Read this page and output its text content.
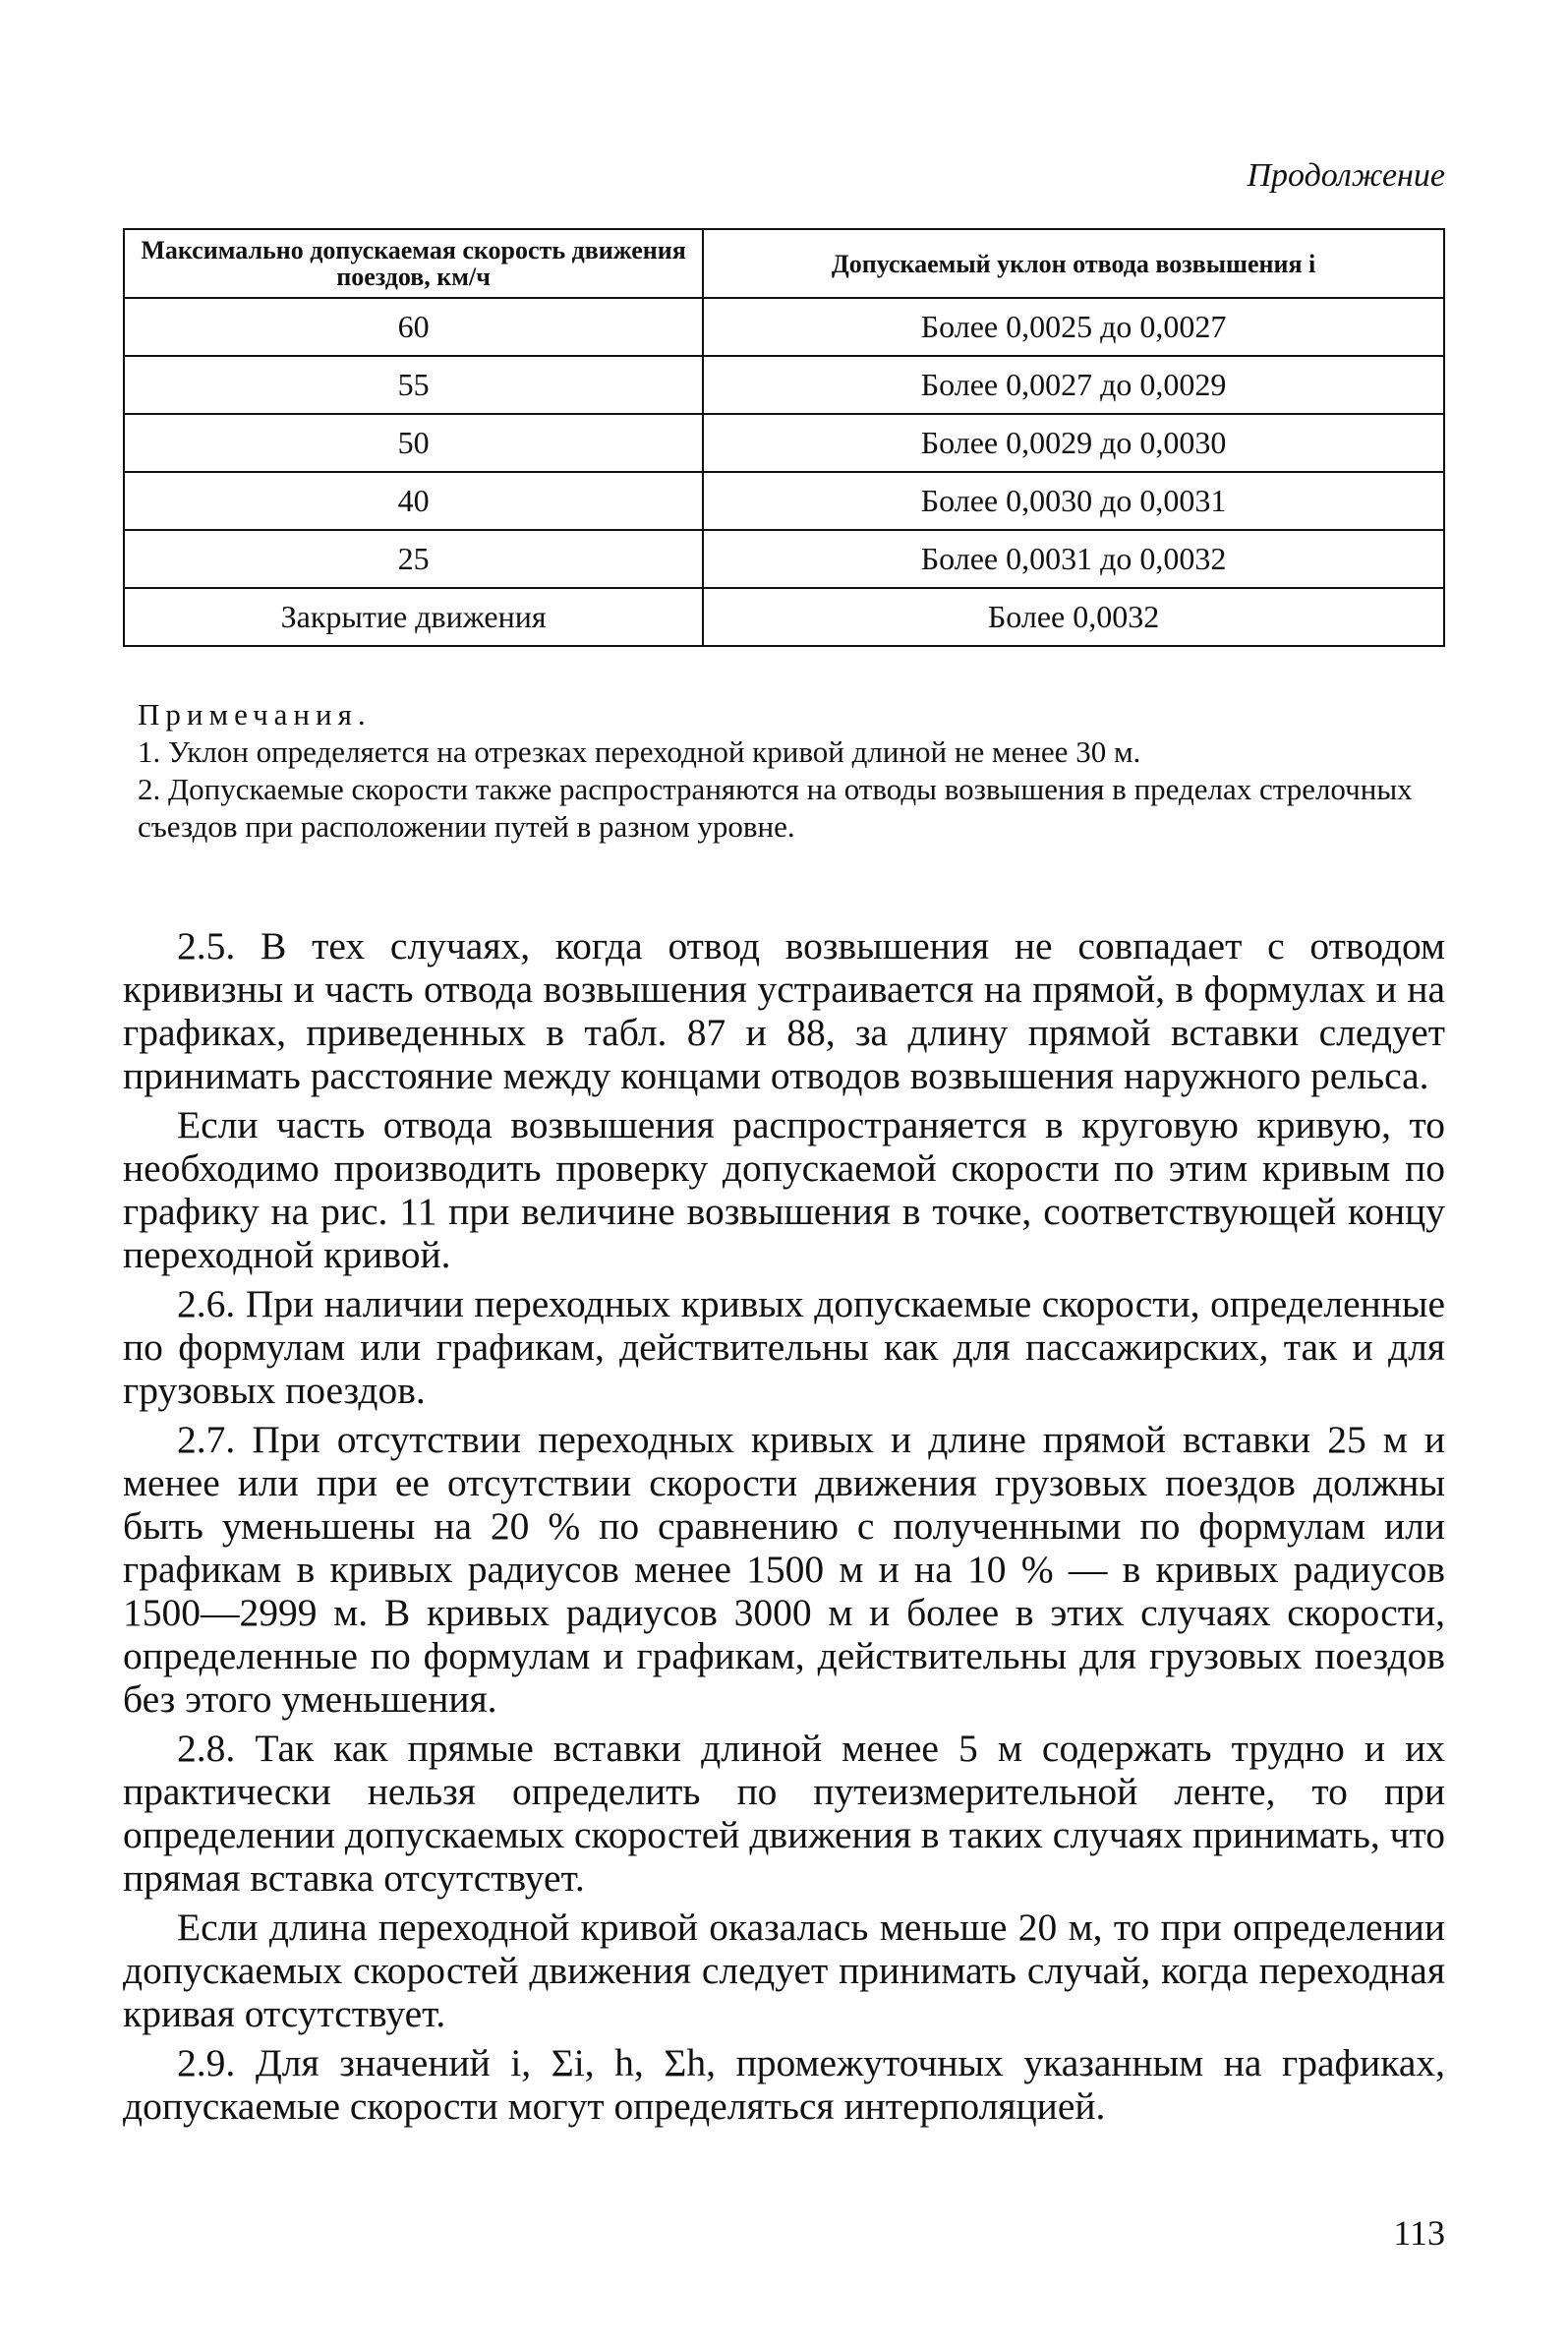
Продолжение
Максимально допускаемая скорость движения поездов, км/ч	Допускаемый уклон отвода возвышения i
60	Более 0,0025 до 0,0027
55	Более 0,0027 до 0,0029
50	Более 0,0029 до 0,0030
40	Более 0,0030 до 0,0031
25	Более 0,0031 до 0,0032
Закрытие движения	Более 0,0032

Примечания.

1. Уклон определяется на отрезках переходной кривой длиной не менее 30 м.

2. Допускаемые скорости также распространяются на отводы возвышения в пределах стрелочных съездов при расположении путей в разном уровне.

2.5. В тех случаях, когда отвод возвышения не совпадает с отводом кривизны и часть отвода возвышения устраивается на прямой, в формулах и на графиках, приведенных в табл. 87 и 88, за длину прямой вставки следует принимать расстояние между концами отводов возвышения наружного рельса.

Если часть отвода возвышения распространяется в круговую кривую, то необходимо производить проверку допускаемой скорости по этим кривым по графику на рис. 11 при величине возвышения в точке, соответствующей концу переходной кривой.

2.6. При наличии переходных кривых допускаемые скорости, определенные по формулам или графикам, действительны как для пассажирских, так и для грузовых поездов.

2.7. При отсутствии переходных кривых и длине прямой вставки 25 м и менее или при ее отсутствии скорости движения грузовых поездов должны быть уменьшены на 20 % по сравнению с полученными по формулам или графикам в кривых радиусов менее 1500 м и на 10 % — в кривых радиусов 1500—2999 м. В кривых радиусов 3000 м и более в этих случаях скорости, определенные по формулам и графикам, действительны для грузовых поездов без этого уменьшения.

2.8. Так как прямые вставки длиной менее 5 м содержать трудно и их практически нельзя определить по путеизмерительной ленте, то при определении допускаемых скоростей движения в таких случаях принимать, что прямая вставка отсутствует.

Если длина переходной кривой оказалась меньше 20 м, то при определении допускаемых скоростей движения следует принимать случай, когда переходная кривая отсутствует.

2.9. Для значений i, Σi, h, Σh, промежуточных указанным на графиках, допускаемые скорости могут определяться интерполяцией.

113
